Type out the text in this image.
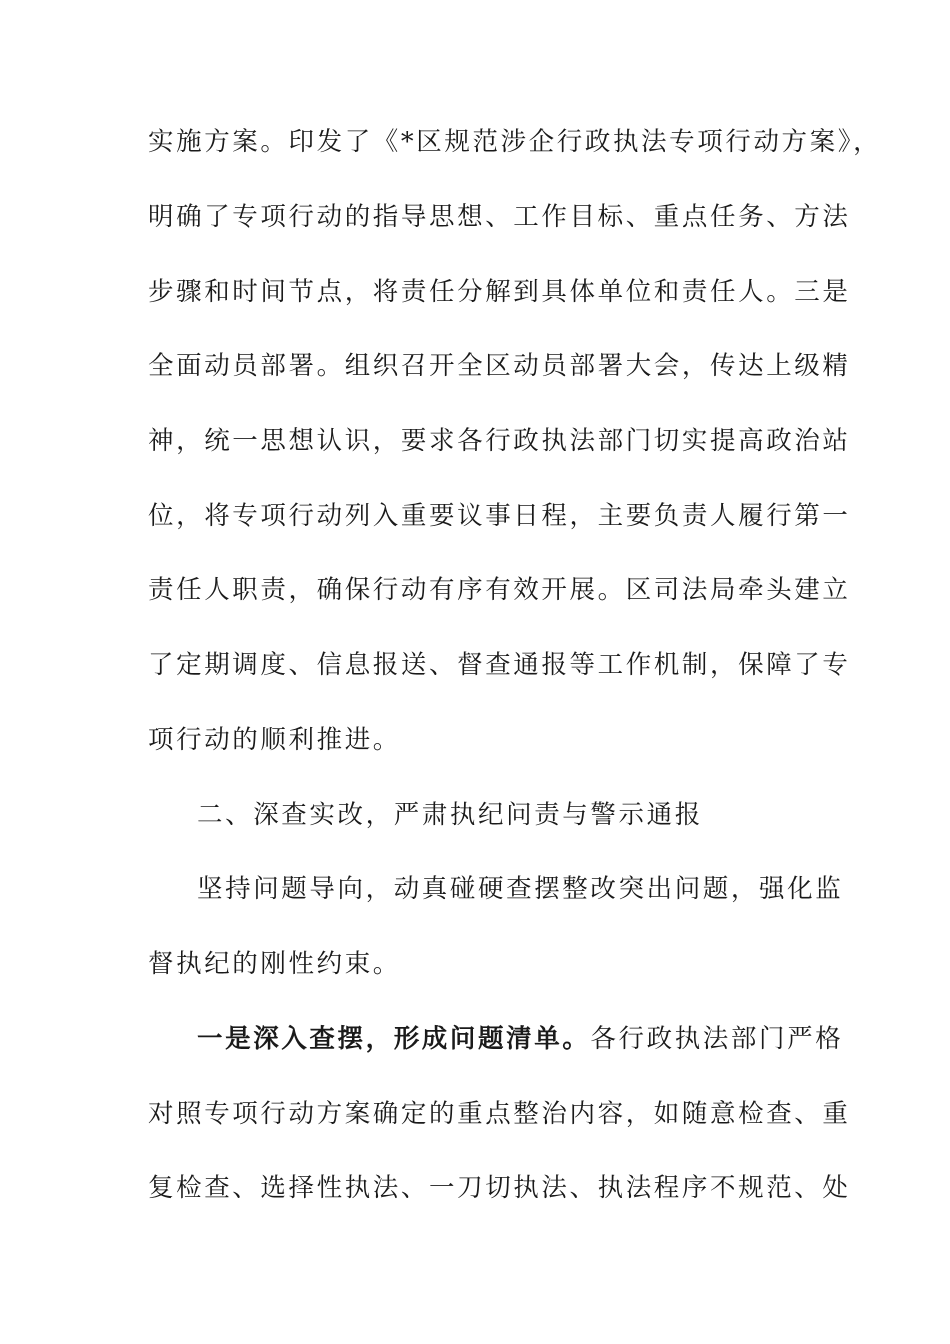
实施方案。印发了《*区规范涉企行政执法专项行动方案》，
明确了专项行动的指导思想、工作目标、重点任务、方法
步骤和时间节点，将责任分解到具体单位和责任人。三是
全面动员部署。组织召开全区动员部署大会，传达上级精
神，统一思想认识，要求各行政执法部门切实提高政治站
位，将专项行动列入重要议事日程，主要负责人履行第一
责任人职责，确保行动有序有效开展。区司法局牵头建立
了定期调度、信息报送、督查通报等工作机制，保障了专
项行动的顺利推进。
二、深查实改，严肃执纪问责与警示通报
坚持问题导向，动真碰硬查摆整改突出问题，强化监
督执纪的刚性约束。
一是深入查摆，形成问题清单。各行政执法部门严格
对照专项行动方案确定的重点整治内容，如随意检查、重
复检查、选择性执法、一刀切执法、执法程序不规范、处
